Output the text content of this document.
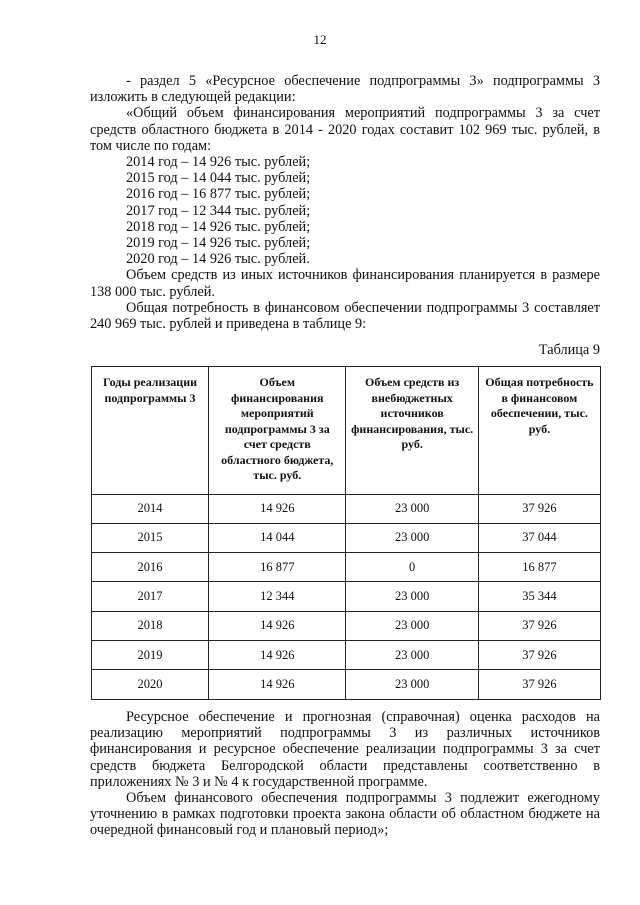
12

- раздел 5 «Ресурсное обеспечение подпрограммы 3» подпрограммы 3 изложить в следующей редакции:

«Общий объем финансирования мероприятий подпрограммы 3 за счет средств областного бюджета в 2014 - 2020 годах составит 102 969 тыс. рублей, в том числе по годам:

2014 год – 14 926 тыс. рублей;

2015 год – 14 044 тыс. рублей;

2016 год – 16 877 тыс. рублей;

2017 год – 12 344 тыс. рублей;

2018 год – 14 926 тыс. рублей;

2019 год – 14 926 тыс. рублей;

2020 год – 14 926 тыс. рублей.

Объем средств из иных источников финансирования планируется в размере 138 000 тыс. рублей.

Общая потребность в финансовом обеспечении подпрограммы 3 составляет 240 969 тыс. рублей и приведена в таблице 9:

Таблица 9
Годы реализации подпрограммы 3	Объем финансирования мероприятий подпрограммы 3 за счет средств областного бюджета, тыс. руб.	Объем средств из внебюджетных источников финансирования, тыс. руб.	Общая потребность в финансовом обеспечении, тыс. руб.
2014	14 926	23 000	37 926
2015	14 044	23 000	37 044
2016	16 877	0	16 877
2017	12 344	23 000	35 344
2018	14 926	23 000	37 926
2019	14 926	23 000	37 926
2020	14 926	23 000	37 926

Ресурсное обеспечение и прогнозная (справочная) оценка расходов на реализацию мероприятий подпрограммы 3 из различных источников финансирования и ресурсное обеспечение реализации подпрограммы 3 за счет средств бюджета Белгородской области представлены соответственно в приложениях № 3 и № 4 к государственной программе.

Объем финансового обеспечения подпрограммы 3 подлежит ежегодному уточнению в рамках подготовки проекта закона области об областном бюджете на очередной финансовый год и плановый период»;
